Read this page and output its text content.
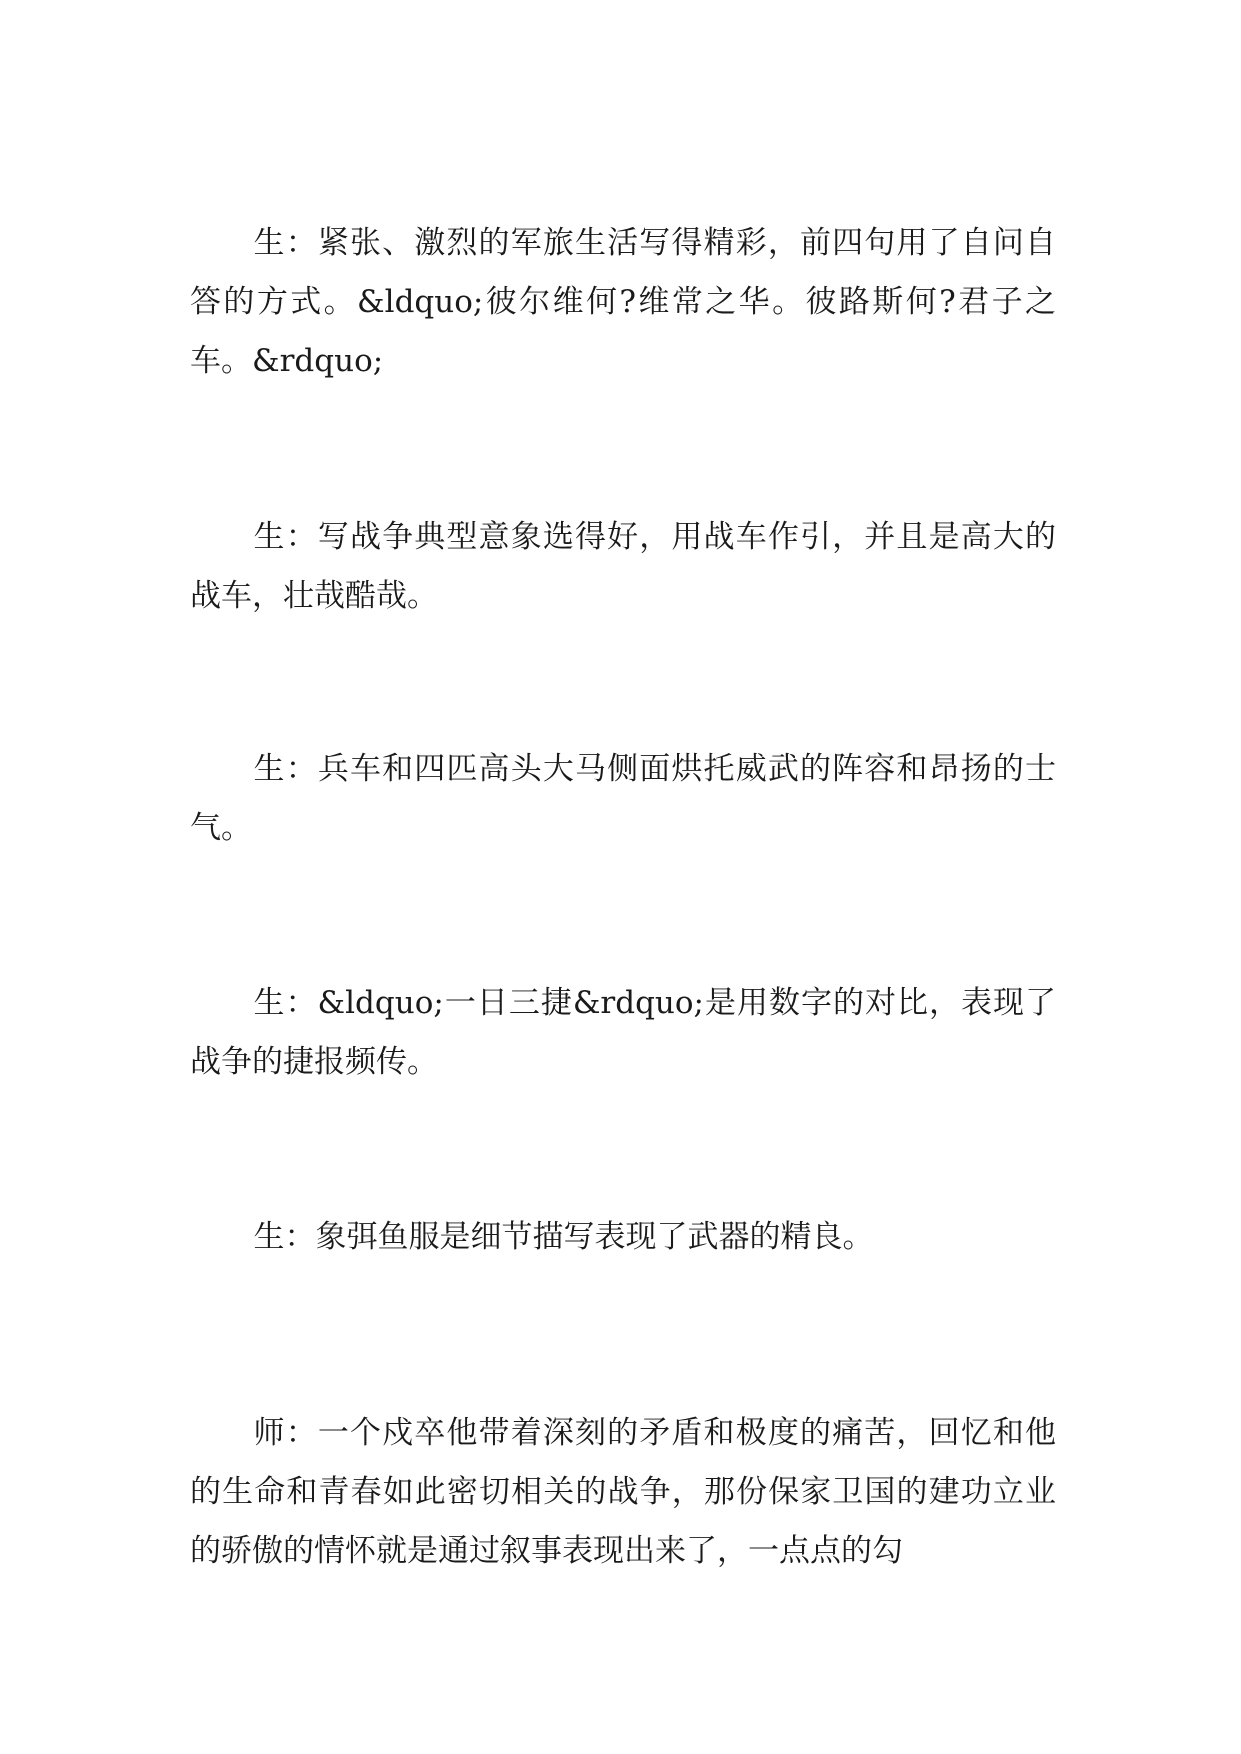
生：紧张、激烈的军旅生活写得精彩，前四句用了自问自答的方式。&ldquo;彼尔维何?维常之华。彼路斯何?君子之车。&rdquo;

生：写战争典型意象选得好，用战车作引，并且是高大的战车，壮哉酷哉。

生：兵车和四匹高头大马侧面烘托威武的阵容和昂扬的士气。

生：&ldquo;一日三捷&rdquo;是用数字的对比，表现了战争的捷报频传。

生：象弭鱼服是细节描写表现了武器的精良。

师：一个戍卒他带着深刻的矛盾和极度的痛苦，回忆和他的生命和青春如此密切相关的战争，那份保家卫国的建功立业的骄傲的情怀就是通过叙事表现出来了，一点点的勾
